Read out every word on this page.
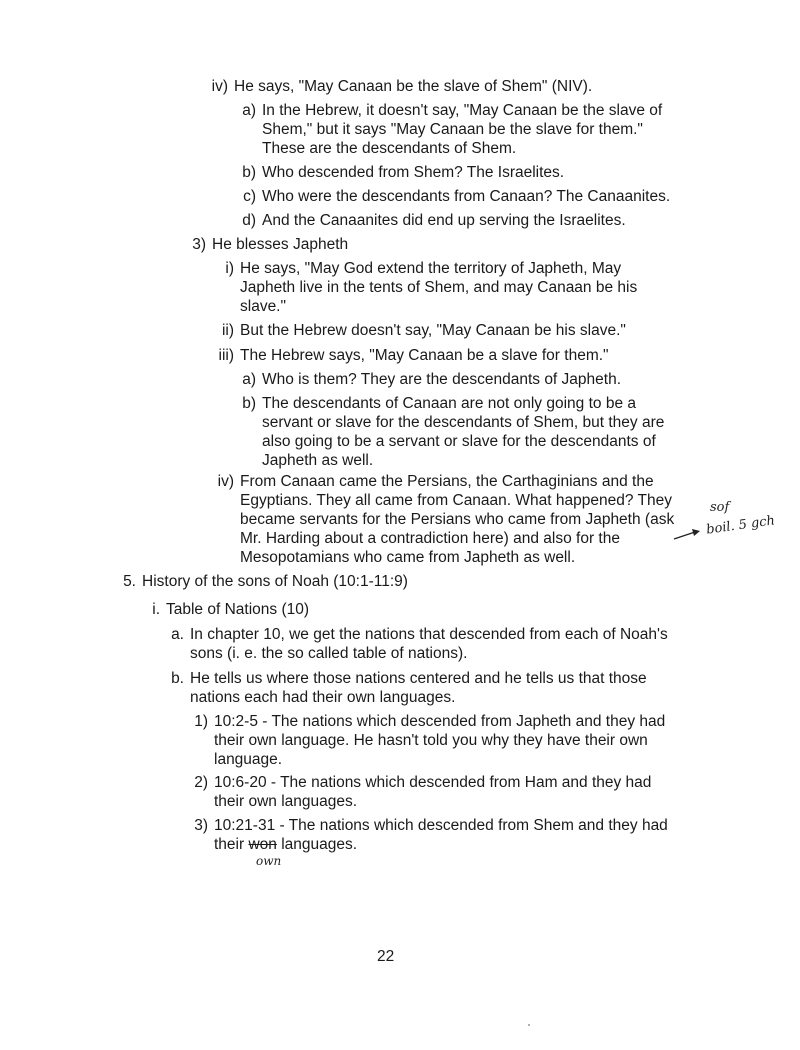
iv) He says, "May Canaan be the slave of Shem" (NIV).
a) In the Hebrew, it doesn't say, "May Canaan be the slave of
Shem," but it says "May Canaan be the slave for them."
These are the descendants of Shem.
b) Who descended from Shem? The Israelites.
c) Who were the descendants from Canaan? The Canaanites.
d) And the Canaanites did end up serving the Israelites.
3) He blesses Japheth
i) He says, "May God extend the territory of Japheth, May
Japheth live in the tents of Shem, and may Canaan be his
slave."
ii) But the Hebrew doesn't say, "May Canaan be his slave."
iii) The Hebrew says, "May Canaan be a slave for them."
a) Who is them? They are the descendants of Japheth.
b) The descendants of Canaan are not only going to be a
servant or slave for the descendants of Shem, but they are
also going to be a servant or slave for the descendants of
Japheth as well.
iv) From Canaan came the Persians, the Carthaginians and the
Egyptians. They all came from Canaan. What happened? They
became servants for the Persians who came from Japheth (ask
Mr. Harding about a contradiction here) and also for the
Mesopotamians who came from Japheth as well.
5. History of the sons of Noah (10:1-11:9)
i. Table of Nations (10)
a. In chapter 10, we get the nations that descended from each of Noah's
sons (i. e. the so called table of nations).
b. He tells us where those nations centered and he tells us that those
nations each had their own languages.
1) 10:2-5 - The nations which descended from Japheth and they had
their own language. He hasn't told you why they have their own
language.
2) 10:6-20 - The nations which descended from Ham and they had
their own languages.
3) 10:21-31 - The nations which descended from Shem and they had
their won languages.
sof
boil. 5 gch
own
22
